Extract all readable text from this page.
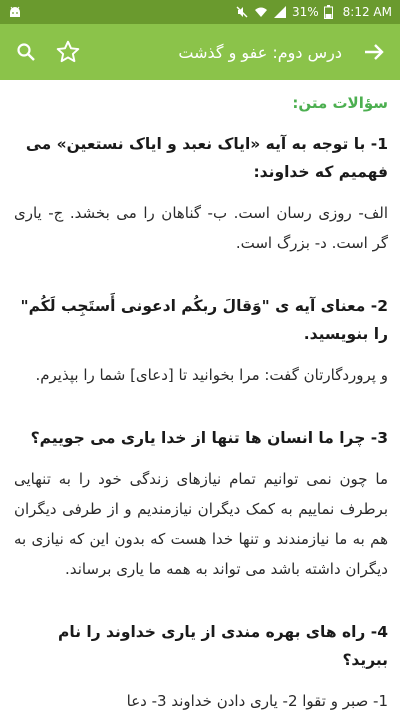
31% 8:12 AM
درس دوم: عفو و گذشت
سؤالات متن:
1- با توجه به آیه «ایاک نعبد و ایاک نستعین» می فهمیم که خداوند:
الف- روزی رسان است. ب- گناهان را می بخشد. ج- یاری گر است. د- بزرگ است.
2- معنای آیه ی "وَقالَ ربکُم ادعونی أَستَجِب لَکُم" را بنویسید.
و پروردگارتان گفت: مرا بخوانید تا [دعای] شما را بپذیرم.
3- چرا ما انسان ها تنها از خدا یاری می جوییم؟
ما چون نمی توانیم تمام نیازهای زندگی خود را به تنهایی برطرف نماییم به کمک دیگران نیازمندیم و از طرفی دیگران هم به ما نیازمندند و تنها خدا هست که بدون این که نیازی به دیگران داشته باشد می تواند به همه ما یاری برساند.
4- راه های بهره مندی از یاری خداوند را نام ببرید؟
1- صبر و تقوا 2- یاری دادن خداوند 3- دعا
